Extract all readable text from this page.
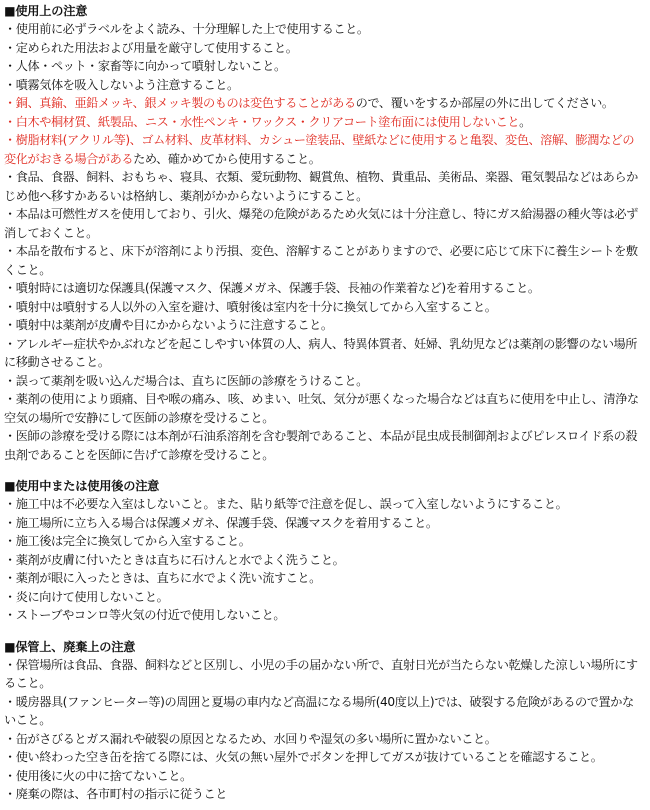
■使用上の注意
・使用前に必ずラベルをよく読み、十分理解した上で使用すること。
・定められた用法および用量を厳守して使用すること。
・人体・ペット・家畜等に向かって噴射しないこと。
・噴霧気体を吸入しないよう注意すること。
・銅、真鍮、亜鉛メッキ、銀メッキ製のものは変色することがあるので、覆いをするか部屋の外に出してください。
・白木や桐材質、紙製品、ニス・水性ペンキ・ワックス・クリアコート塗布面には使用しないこと。
・樹脂材料(アクリル等)、ゴム材料、皮革材料、カシュー塗装品、壁紙などに使用すると亀裂、変色、溶解、膨潤などの変化がおきる場合があるため、確かめてから使用すること。
・食品、食器、飼料、おもちゃ、寝具、衣類、愛玩動物、観賞魚、植物、貴重品、美術品、楽器、電気製品などはあらかじめ他へ移すかあるいは格納し、薬剤がかからないようにすること。
・本品は可燃性ガスを使用しており、引火、爆発の危険があるため火気には十分注意し、特にガス給湯器の種火等は必ず消しておくこと。
・本品を散布すると、床下が溶剤により汚損、変色、溶解することがありますので、必要に応じて床下に養生シートを敷くこと。
・噴射時には適切な保護具(保護マスク、保護メガネ、保護手袋、長袖の作業着など)を着用すること。
・噴射中は噴射する人以外の入室を避け、噴射後は室内を十分に換気してから入室すること。
・噴射中は薬剤が皮膚や目にかからないように注意すること。
・アレルギー症状やかぶれなどを起こしやすい体質の人、病人、特異体質者、妊婦、乳幼児などは薬剤の影響のない場所に移動させること。
・誤って薬剤を吸い込んだ場合は、直ちに医師の診療をうけること。
・薬剤の使用により頭痛、目や喉の痛み、咳、めまい、吐気、気分が悪くなった場合などは直ちに使用を中止し、清浄な空気の場所で安静にして医師の診療を受けること。
・医師の診療を受ける際には本剤が石油系溶剤を含む製剤であること、本品が昆虫成長制御剤およびピレスロイド系の殺虫剤であることを医師に告げて診療を受けること。
■使用中または使用後の注意
・施工中は不必要な入室はしないこと。また、貼り紙等で注意を促し、誤って入室しないようにすること。
・施工場所に立ち入る場合は保護メガネ、保護手袋、保護マスクを着用すること。
・施工後は完全に換気してから入室すること。
・薬剤が皮膚に付いたときは直ちに石けんと水でよく洗うこと。
・薬剤が眼に入ったときは、直ちに水でよく洗い流すこと。
・炎に向けて使用しないこと。
・ストーブやコンロ等火気の付近で使用しないこと。
■保管上、廃棄上の注意
・保管場所は食品、食器、飼料などと区別し、小児の手の届かない所で、直射日光が当たらない乾燥した涼しい場所にすること。
・暖房器具(ファンヒーター等)の周囲と夏場の車内など高温になる場所(40度以上)では、破裂する危険があるので置かないこと。
・缶がさびるとガス漏れや破裂の原因となるため、水回りや湿気の多い場所に置かないこと。
・使い終わった空き缶を捨てる際には、火気の無い屋外でボタンを押してガスが抜けていることを確認すること。
・使用後に火の中に捨てないこと。
・廃棄の際は、各市町村の指示に従うこと
